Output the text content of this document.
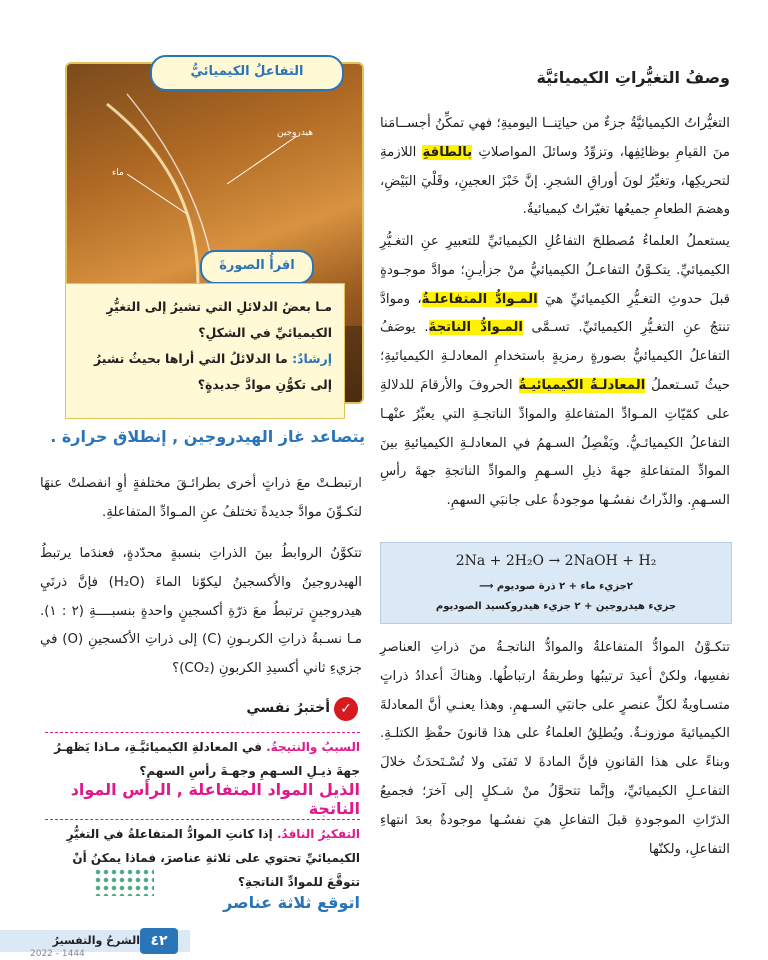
وصفُ التغيُّراتِ الكيميائيَّة

التغيُّراتُ الكيميائيَّةُ جزءٌ من حياتِنــا اليوميةِ؛ فهي تمكِّنُ أجســامَنا منَ القيامِ بوظائِفِها، وتزوِّدُ وسائلَ المواصلاتِ بالطاقةِ اللازمةِ لتحريكِها، وتغيِّرُ لونَ أوراقِ الشجرِ. إنَّ خَبْزَ العجينِ، وقَلْيَ البَيْضِ، وهضمَ الطعامِ جميعُها تغيّراتٌ كيميائيةٌ.

يستعملُ العلماءُ مُصطلحَ التفاعُلِ الكيميائيِّ للتعبيرِ عنِ التغـيُّرِ الكيميائيِّ. يتكـوَّنُ التفاعـلُ الكيميائيُّ منْ جزأيـنِ؛ موادَّ موجـودةٍ قبلَ حدوثِ التغـيُّرِ الكيميائيِّ هيَ المـوادُّ المتفاعلـةُ، وموادَّ تنتجُ عنِ التغـيُّرِ الكيميائيِّ. تسـمَّى المـوادُّ الناتجةَ. يوصَفُ التفاعلُ الكيميائيُّ بصورةٍ رمزيةٍ باستخدامِ المعادلـةِ الكيميائيةِ؛ حيثُ تَسـتعملُ المعادلـةُ الكيميائيـةُ الحروفَ والأرقامَ للدلالةِ على كمّيّاتِ المـوادِّ المتفاعلةِ والموادِّ الناتجـةِ التي يعبِّرُ عنْهـا التفاعلُ الكيميائـيُّ. ويَفْصِلُ السـهمُ في المعادلـةِ الكيميائيةِ بينَ الموادِّ المتفاعلةِ جهةَ ذيلِ السـهمِ والموادِّ الناتجةِ جهةَ رأسِ السـهمِ. والذّراتُ نفسُـها موجودةٌ على جانبَي السهمِ.

تتكـوَّنُ الموادُّ المتفاعلةُ والموادُّ الناتجـةُ منَ ذراتِ العناصرِ نفسِها، ولكنْ أعيدَ ترتيبُها وطريقةُ ارتباطُها. وهناكَ أعدادُ ذراتٍ متسـاويةٌ لكلِّ عنصرٍ على جانبَي السـهمِ. وهذا يعنـي أنَّ المعادلةَ الكيميائيةَ موزونـةٌ. ويُطلِقُ العلماءُ على هذا قانونَ حفْظِ الكتلـةِ. وبناءً على هذا القانونِ فإنَّ المادةَ لا تَفنَى ولا تُسْـتَحدَثُ خلالَ التفاعـلِ الكيميائيِّ، وإنَّما تتحوَّلُ منْ شـكلٍ إلى آخرَ؛ فجميعُ الذرّاتِ الموجودةِ قبلَ التفاعلِ هيَ نفسُـها موجودةٌ بعدَ انتهاءِ التفاعلِ، ولكنّها

2Na + 2H₂O → 2NaOH + H₂
٢جزيء ماء + ٢ ذرة صوديوم ⟶
جزيء هيدروجين + ٢ جزيء هيدروكسيد الصوديوم
هيدروجين
ماء
التفاعلُ الكيميائيُّ
اقرأُ الصورةَ
مـا بعضُ الدلائلِ التي تشيرُ إلى التغيُّرِ الكيميائيِّ في الشكلِ؟
إرشادٌ: ما الدلائلُ التي أراها بحيثُ تشيرُ إلى تكوُّنِ موادَّ جديدةٍ؟
يتصاعد غاز الهيدروجين , إنطلاق حرارة .

ارتبطـتْ معَ ذراتٍ أخرى بطرائـقَ مختلفةٍ أوِ انفصلتْ عنهَا لتكـوِّنَ موادَّ جديدةً تختلفُ عنِ المـوادِّ المتفاعلةِ.

تتكوَّنُ الروابطُ بينَ الذراتِ بنسبةٍ محدّدةٍ، فعندَما يرتبطُ الهيدروجينُ والأكسجينُ ليكوّنا الماءَ (H₂O) فإنَّ ذرتَيِ هيدروجينٍ ترتبطُ معَ ذرّةِ أكسجينٍ واحدةٍ بنسبــــةِ (٢ : ١). مـا نسـبةُ ذراتِ الكربـونِ (C) إلى ذراتِ الأكسجينِ (O) في جزيءِ ثاني أكسيدِ الكربونِ (CO₂)؟

✓
أختبرُ نفسي
السببُ والنتيجةُ. في المعادلةِ الكيميائيَّـةِ، مـاذا يَظهـرُ جهةَ ذيـلِ السـهمِ وجهـةَ رأسِ السهمِ؟
الذيل المواد المتفاعلة , الرأس المواد الناتجة
التفكيرُ الناقدُ. إذا كانتِ الموادُّ المتفاعلةُ في التغيُّرِ الكيميائيِّ تحتوي على ثلاثةِ عناصرَ، فماذا يمكنُ أنْ تتوقَّعَ للموادِّ الناتجةِ؟
اتوقع ثلاثة عناصر
٤٢
الشرحُ والتفسيرُ
2022 - 1444
